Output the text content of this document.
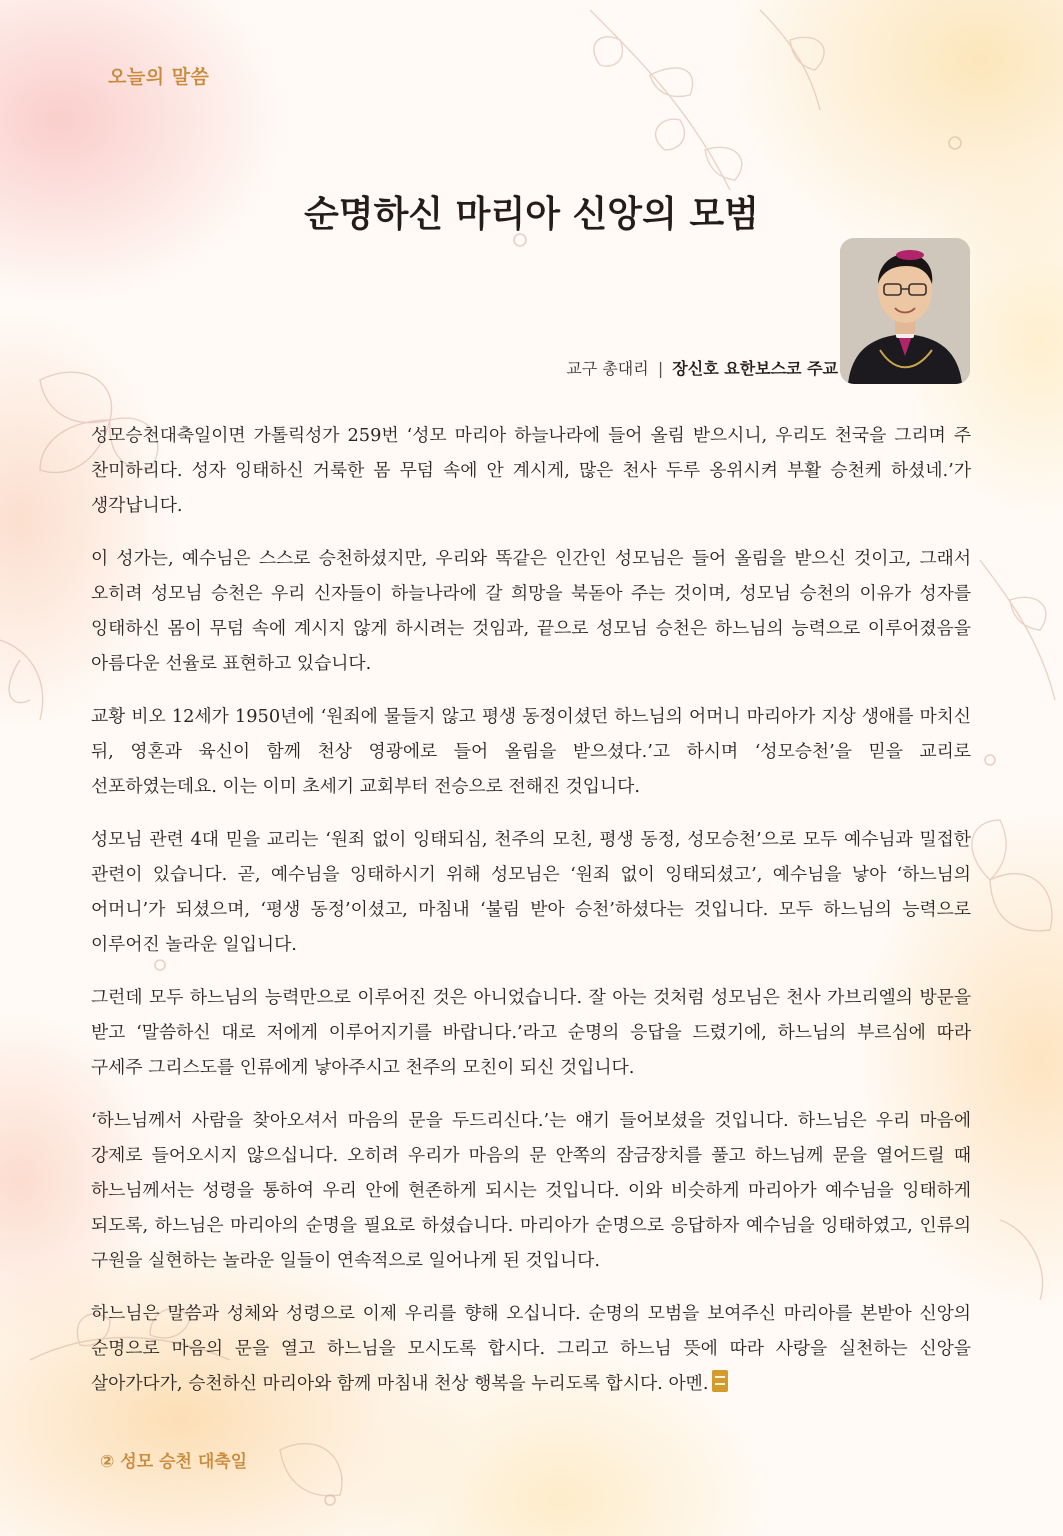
오늘의 말씀
순명하신 마리아 신앙의 모범
교구 총대리 | 장신호 요한보스코 주교

성모승천대축일이면 가톨릭성가 259번 ‘성모 마리아 하늘나라에 들어 올림 받으시니, 우리도 천국을 그리며 주 찬미하리다. 성자 잉태하신 거룩한 몸 무덤 속에 안 계시게, 많은 천사 두루 옹위시켜 부활 승천케 하셨네.’가 생각납니다.

이 성가는, 예수님은 스스로 승천하셨지만, 우리와 똑같은 인간인 성모님은 들어 올림을 받으신 것이고, 그래서 오히려 성모님 승천은 우리 신자들이 하늘나라에 갈 희망을 북돋아 주는 것이며, 성모님 승천의 이유가 성자를 잉태하신 몸이 무덤 속에 계시지 않게 하시려는 것임과, 끝으로 성모님 승천은 하느님의 능력으로 이루어졌음을 아름다운 선율로 표현하고 있습니다.

교황 비오 12세가 1950년에 ‘원죄에 물들지 않고 평생 동정이셨던 하느님의 어머니 마리아가 지상 생애를 마치신 뒤, 영혼과 육신이 함께 천상 영광에로 들어 올림을 받으셨다.’고 하시며 ‘성모승천’을 믿을 교리로 선포하였는데요. 이는 이미 초세기 교회부터 전승으로 전해진 것입니다.

성모님 관련 4대 믿을 교리는 ‘원죄 없이 잉태되심, 천주의 모친, 평생 동정, 성모승천’으로 모두 예수님과 밀접한 관련이 있습니다. 곧, 예수님을 잉태하시기 위해 성모님은 ‘원죄 없이 잉태되셨고’, 예수님을 낳아 ‘하느님의 어머니’가 되셨으며, ‘평생 동정’이셨고, 마침내 ‘불림 받아 승천’하셨다는 것입니다. 모두 하느님의 능력으로 이루어진 놀라운 일입니다.

그런데 모두 하느님의 능력만으로 이루어진 것은 아니었습니다. 잘 아는 것처럼 성모님은 천사 가브리엘의 방문을 받고 ‘말씀하신 대로 저에게 이루어지기를 바랍니다.’라고 순명의 응답을 드렸기에, 하느님의 부르심에 따라 구세주 그리스도를 인류에게 낳아주시고 천주의 모친이 되신 것입니다.

‘하느님께서 사람을 찾아오셔서 마음의 문을 두드리신다.’는 얘기 들어보셨을 것입니다. 하느님은 우리 마음에 강제로 들어오시지 않으십니다. 오히려 우리가 마음의 문 안쪽의 잠금장치를 풀고 하느님께 문을 열어드릴 때 하느님께서는 성령을 통하여 우리 안에 현존하게 되시는 것입니다. 이와 비슷하게 마리아가 예수님을 잉태하게 되도록, 하느님은 마리아의 순명을 필요로 하셨습니다. 마리아가 순명으로 응답하자 예수님을 잉태하였고, 인류의 구원을 실현하는 놀라운 일들이 연속적으로 일어나게 된 것입니다.

하느님은 말씀과 성체와 성령으로 이제 우리를 향해 오십니다. 순명의 모범을 보여주신 마리아를 본받아 신앙의 순명으로 마음의 문을 열고 하느님을 모시도록 합시다. 그리고 하느님 뜻에 따라 사랑을 실천하는 신앙을 살아가다가, 승천하신 마리아와 함께 마침내 천상 행복을 누리도록 합시다. 아멘.

② 성모 승천 대축일
